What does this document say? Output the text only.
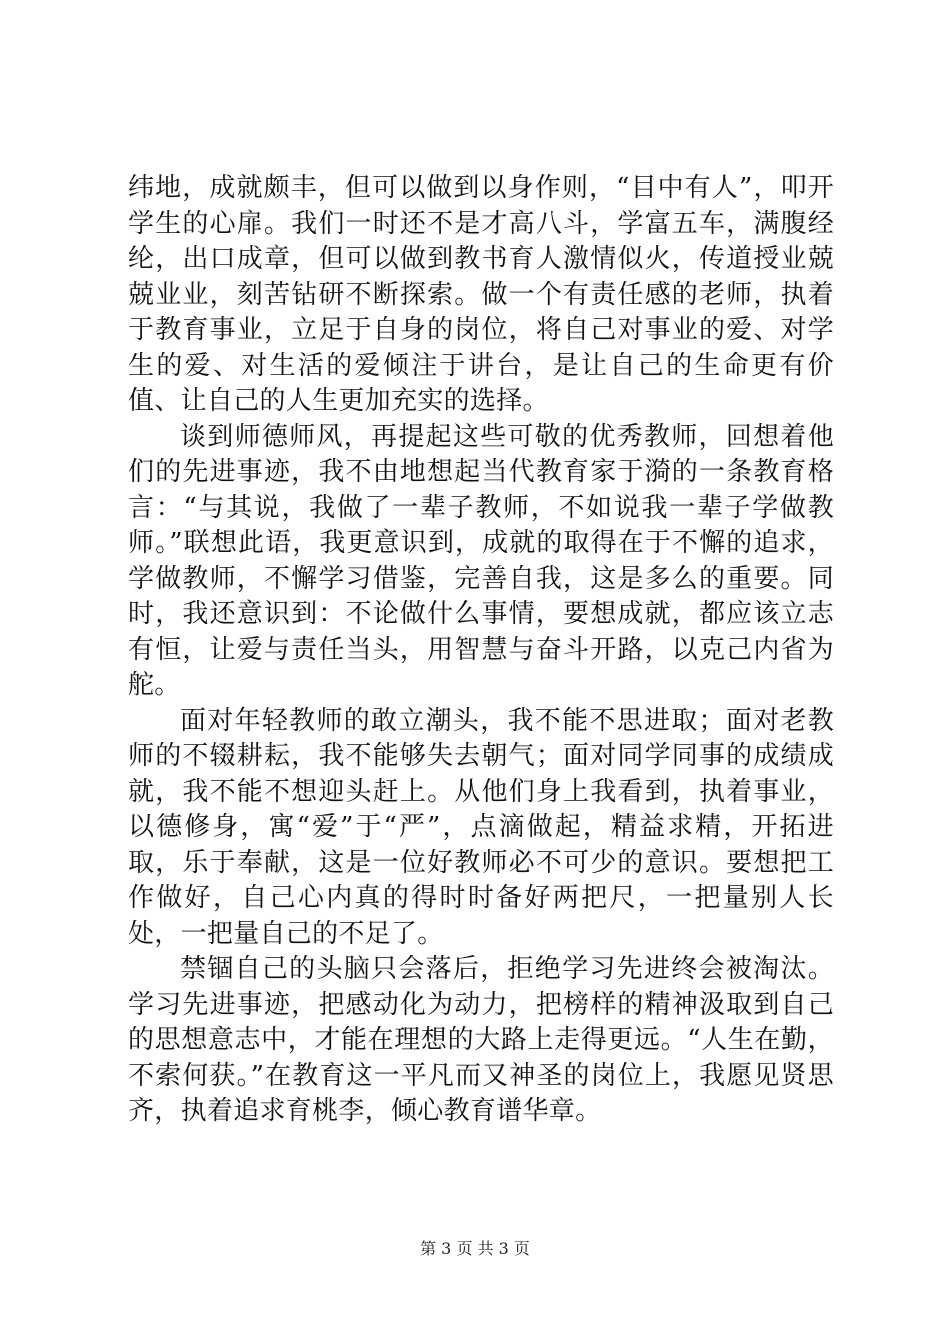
纬地，成就颇丰，但可以做到以身作则，“目中有人”，叩开学生的心扉。我们一时还不是才高八斗，学富五车，满腹经纶，出口成章，但可以做到教书育人激情似火，传道授业兢兢业业，刻苦钻研不断探索。做一个有责任感的老师，执着于教育事业，立足于自身的岗位，将自己对事业的爱、对学生的爱、对生活的爱倾注于讲台，是让自己的生命更有价值、让自己的人生更加充实的选择。

谈到师德师风，再提起这些可敬的优秀教师，回想着他们的先进事迹，我不由地想起当代教育家于漪的一条教育格言：“与其说，我做了一辈子教师，不如说我一辈子学做教师。”联想此语，我更意识到，成就的取得在于不懈的追求，学做教师，不懈学习借鉴，完善自我，这是多么的重要。同时，我还意识到：不论做什么事情，要想成就，都应该立志有恒，让爱与责任当头，用智慧与奋斗开路，以克己内省为舵。

面对年轻教师的敢立潮头，我不能不思进取；面对老教师的不辍耕耘，我不能够失去朝气；面对同学同事的成绩成就，我不能不想迎头赶上。从他们身上我看到，执着事业，以德修身，寓“爱”于“严”，点滴做起，精益求精，开拓进取，乐于奉献，这是一位好教师必不可少的意识。要想把工作做好，自己心内真的得时时备好两把尺，一把量别人长处，一把量自己的不足了。

禁锢自己的头脑只会落后，拒绝学习先进终会被淘汰。学习先进事迹，把感动化为动力，把榜样的精神汲取到自己的思想意志中，才能在理想的大路上走得更远。“人生在勤，不索何获。”在教育这一平凡而又神圣的岗位上，我愿见贤思齐，执着追求育桃李，倾心教育谱华章。

第 3 页 共 3 页
